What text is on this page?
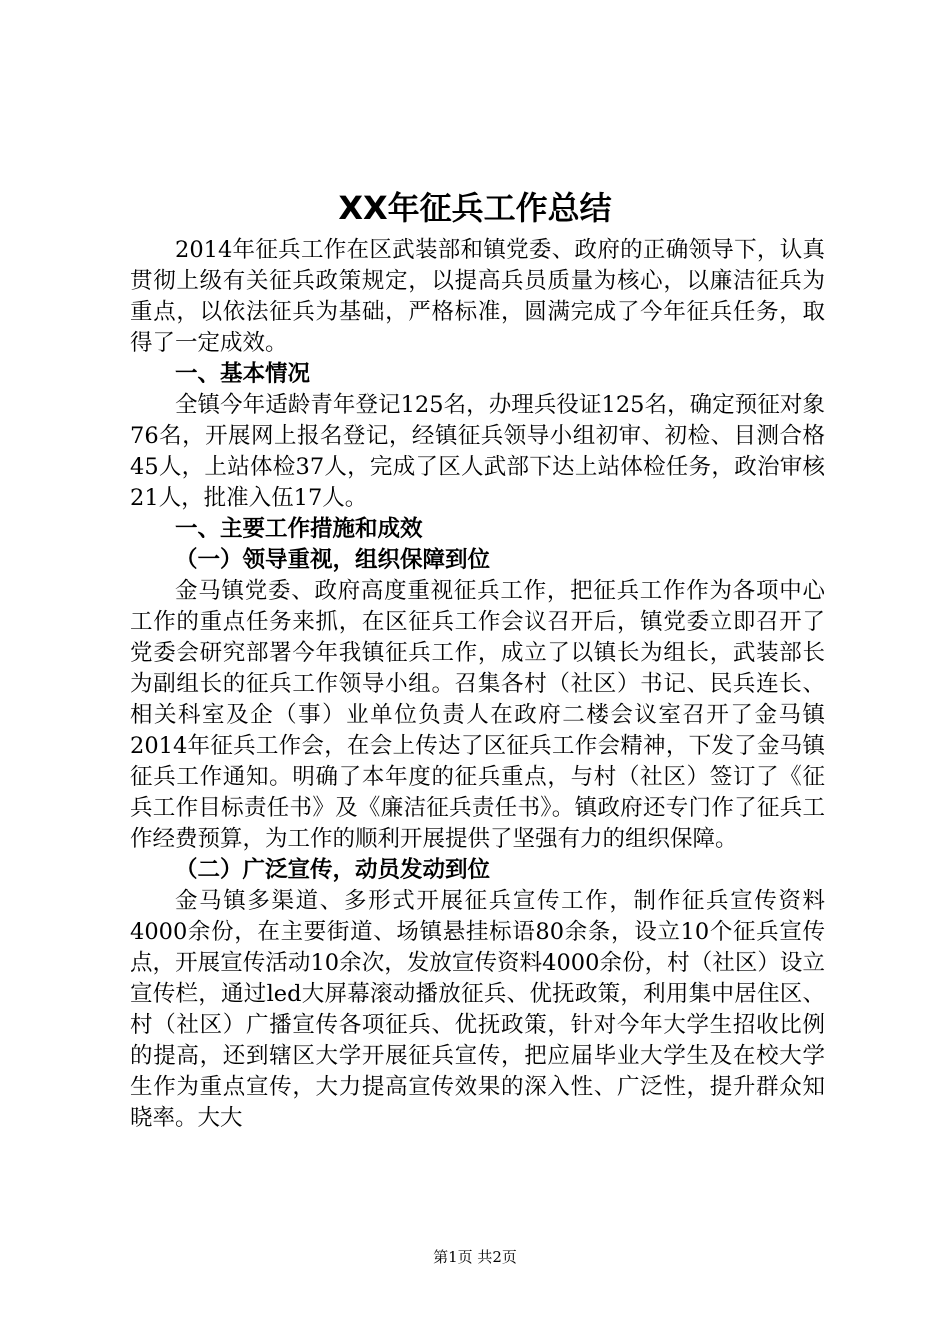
XX年征兵工作总结

2014年征兵工作在区武装部和镇党委、政府的正确领导下，认真贯彻上级有关征兵政策规定，以提高兵员质量为核心，以廉洁征兵为重点，以依法征兵为基础，严格标准，圆满完成了今年征兵任务，取得了一定成效。

一、基本情况

全镇今年适龄青年登记125名，办理兵役证125名，确定预征对象76名，开展网上报名登记，经镇征兵领导小组初审、初检、目测合格45人，上站体检37人，完成了区人武部下达上站体检任务，政治审核21人，批准入伍17人。

一、主要工作措施和成效

（一）领导重视，组织保障到位

金马镇党委、政府高度重视征兵工作，把征兵工作作为各项中心工作的重点任务来抓，在区征兵工作会议召开后，镇党委立即召开了党委会研究部署今年我镇征兵工作，成立了以镇长为组长，武装部长为副组长的征兵工作领导小组。召集各村（社区）书记、民兵连长、相关科室及企（事）业单位负责人在政府二楼会议室召开了金马镇2014年征兵工作会，在会上传达了区征兵工作会精神，下发了金马镇征兵工作通知。明确了本年度的征兵重点，与村（社区）签订了《征兵工作目标责任书》及《廉洁征兵责任书》。镇政府还专门作了征兵工作经费预算，为工作的顺利开展提供了坚强有力的组织保障。

（二）广泛宣传，动员发动到位

金马镇多渠道、多形式开展征兵宣传工作，制作征兵宣传资料4000余份，在主要街道、场镇悬挂标语80余条，设立10个征兵宣传点，开展宣传活动10余次，发放宣传资料4000余份，村（社区）设立宣传栏，通过led大屏幕滚动播放征兵、优抚政策，利用集中居住区、村（社区）广播宣传各项征兵、优抚政策，针对今年大学生招收比例的提高，还到辖区大学开展征兵宣传，把应届毕业大学生及在校大学生作为重点宣传，大力提高宣传效果的深入性、广泛性，提升群众知晓率。大大

第1页 共2页
